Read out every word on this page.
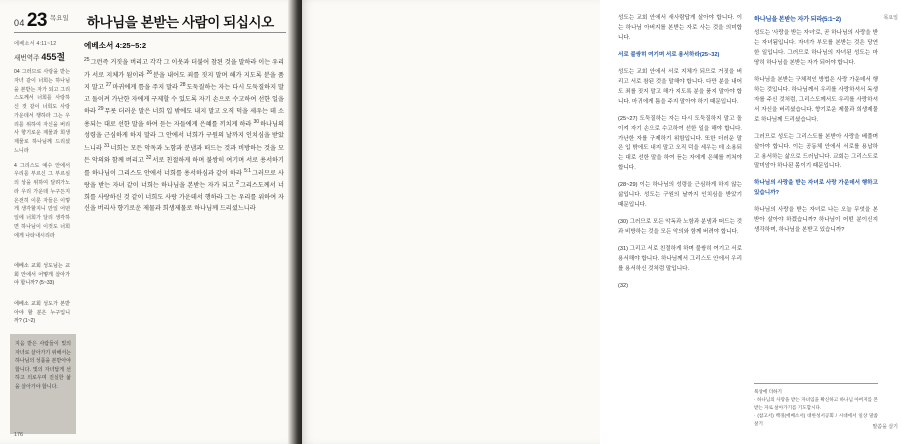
04 23 목요일 하나님을 본받는 사람이 되십시오
에베소서 4:11~12
새번역주 455절
04 그러므로 사랑을 받는 자녀 같이 너희는 하나님을 본받는 자가 되고 그리스도께서 너희를 사랑하신 것 같이 너희도 사랑 가운데서 행하라 그는 우리를 위하여 자신을 버리사 향기로운 제물과 희생제물로 하나님께 드리셨느니라
4 그리스도 예수 안에서 우리를 부르신 그 부르심의 상을 위하여 달려가노라 우리 가운데 누구든지 온전히 이룬 자들은 이렇게 생각할지니 만일 어떤 일에 너희가 달리 생각하면 하나님이 이것도 너희에게 나타내시리라
에베소 교회 성도님는 교회 안에서 어떻게 살아가야 합니까? (5~33)
에베소 교회 성도가 본받아야 할 분은 누구입니까? (1~2)

지음 받은 사람들이 빛의 자녀로 살아가기 위해서는 하나님의 성품을 본받아야 합니다. 빛의 자녀답게 선하고 의로우며 진실한 삶을 살아가야 합니다.

에베소서 4:25~5:2
$^{25}$그런즉 거짓을 버리고 각각 그 이웃과 더불어 참된 것을 말하라 이는 우리가 서로 지체가 됨이라 $^{26}$분을 내어도 죄를 짓지 말며 해가 지도록 분을 품지 말고 $^{27}$마귀에게 틈을 주지 말라 $^{28}$도둑질하는 자는 다시 도둑질하지 말고 돌이켜 가난한 자에게 구제할 수 있도록 자기 손으로 수고하여 선한 일을 하라 $^{29}$무릇 더러운 말은 너희 입 밖에도 내지 말고 오직 덕을 세우는 데 소용되는 대로 선한 말을 하여 듣는 자들에게 은혜를 끼치게 하라 $^{30}$하나님의 성령을 근심하게 하지 말라 그 안에서 너희가 구원의 날까지 인치심을 받았느니라 $^{31}$너희는 모든 악독과 노함과 분냄과 떠드는 것과 비방하는 것을 모든 악의와 함께 버리고 $^{32}$서로 친절하게 하며 불쌍히 여기며 서로 용서하기를 하나님이 그리스도 안에서 너희를 용서하심과 같이 하라 $^{5:1}$그러므로 사랑을 받는 자녀 같이 너희는 하나님을 본받는 자가 되고 $^2$그리스도께서 너희를 사랑하신 것 같이 너희도 사랑 가운데서 행하라 그는 우리를 위하여 자신을 버리사 향기로운 제물과 희생제물로 하나님께 드리셨느니라
176
목요일
말씀을 살기

성도는 교회 안에서 새사람답게 살아야 합니다. 이는 하나님 아버지를 본받는 자로 사는 것을 의미합니다.

서로 불쌍히 여기며 서로 용서하라(25~32)

성도는 교회 안에서 서로 지체가 되므로 거짓을 버리고 서로 참된 것을 말해야 합니다. 다만 분을 내어도 죄를 짓지 말고 해가 지도록 분을 품지 말아야 합니다. 마귀에게 틈을 주지 말아야 하기 때문입니다.

(25~27) 도둑질하는 자는 다시 도둑질하지 말고 돌이켜 자기 손으로 수고하여 선한 일을 해야 합니다. 가난한 자를 구제하기 위함입니다. 또한 더러운 말은 입 밖에도 내지 말고 오직 덕을 세우는 데 소용되는 대로 선한 말을 하여 듣는 자에게 은혜를 끼쳐야 합니다.

(28~29) 이는 하나님의 성령을 근심하게 하지 않는 삶입니다. 성도는 구원의 날까지 인치심을 받았기 때문입니다.

(30) 그러므로 모든 악독과 노함과 분냄과 떠드는 것과 비방하는 것을 모든 악의와 함께 버려야 합니다.

(31) 그리고 서로 친절하게 하며 불쌍히 여기고 서로 용서해야 합니다. 하나님께서 그리스도 안에서 우리를 용서하신 것처럼 말입니다.

(32)

하나님을 본받는 자가 되라(5:1~2)

성도는 '사랑을 받는 자녀'로, 곧 하나님의 사랑을 받는 자녀됨입니다. 자녀가 부모를 본받는 것은 당연한 일입니다. 그러므로 하나님의 자녀된 성도는 마땅히 하나님을 본받는 자가 되어야 합니다.

하나님을 본받는 구체적인 방법은 사랑 가운데서 행하는 것입니다. 하나님께서 우리를 사랑하셔서 독생자를 주신 것처럼, 그리스도께서도 우리를 사랑하셔서 자신을 버리셨습니다. 향기로운 제물과 희생제물로 하나님께 드리셨습니다.

그러므로 성도는 그리스도를 본받아 사랑을 베풀며 살아야 합니다. 이는 공동체 안에서 서로를 용납하고 용서하는 삶으로 드러납니다. 교회는 그리스도로 말미암아 하나된 몸이기 때문입니다.

하나님의 사랑을 받는 자녀로 사랑 가운데서 행하고 있습니까?

하나님의 사랑을 받는 자녀로 나는 오늘 무엇을 본받아 살아야 하겠습니까? 하나님이 어떤 분이신지 생각하며, 하나님을 본받고 있습니까?

묵상에 더하기
· 하나님의 사랑을 받는 자녀임을 확신하고 하나님 아버지를 본받는 자로 살아가기를 기도합시다.
· (참고서) 백경(에베소서) 대한성서공회 / 시대에서 일상 말씀살기
